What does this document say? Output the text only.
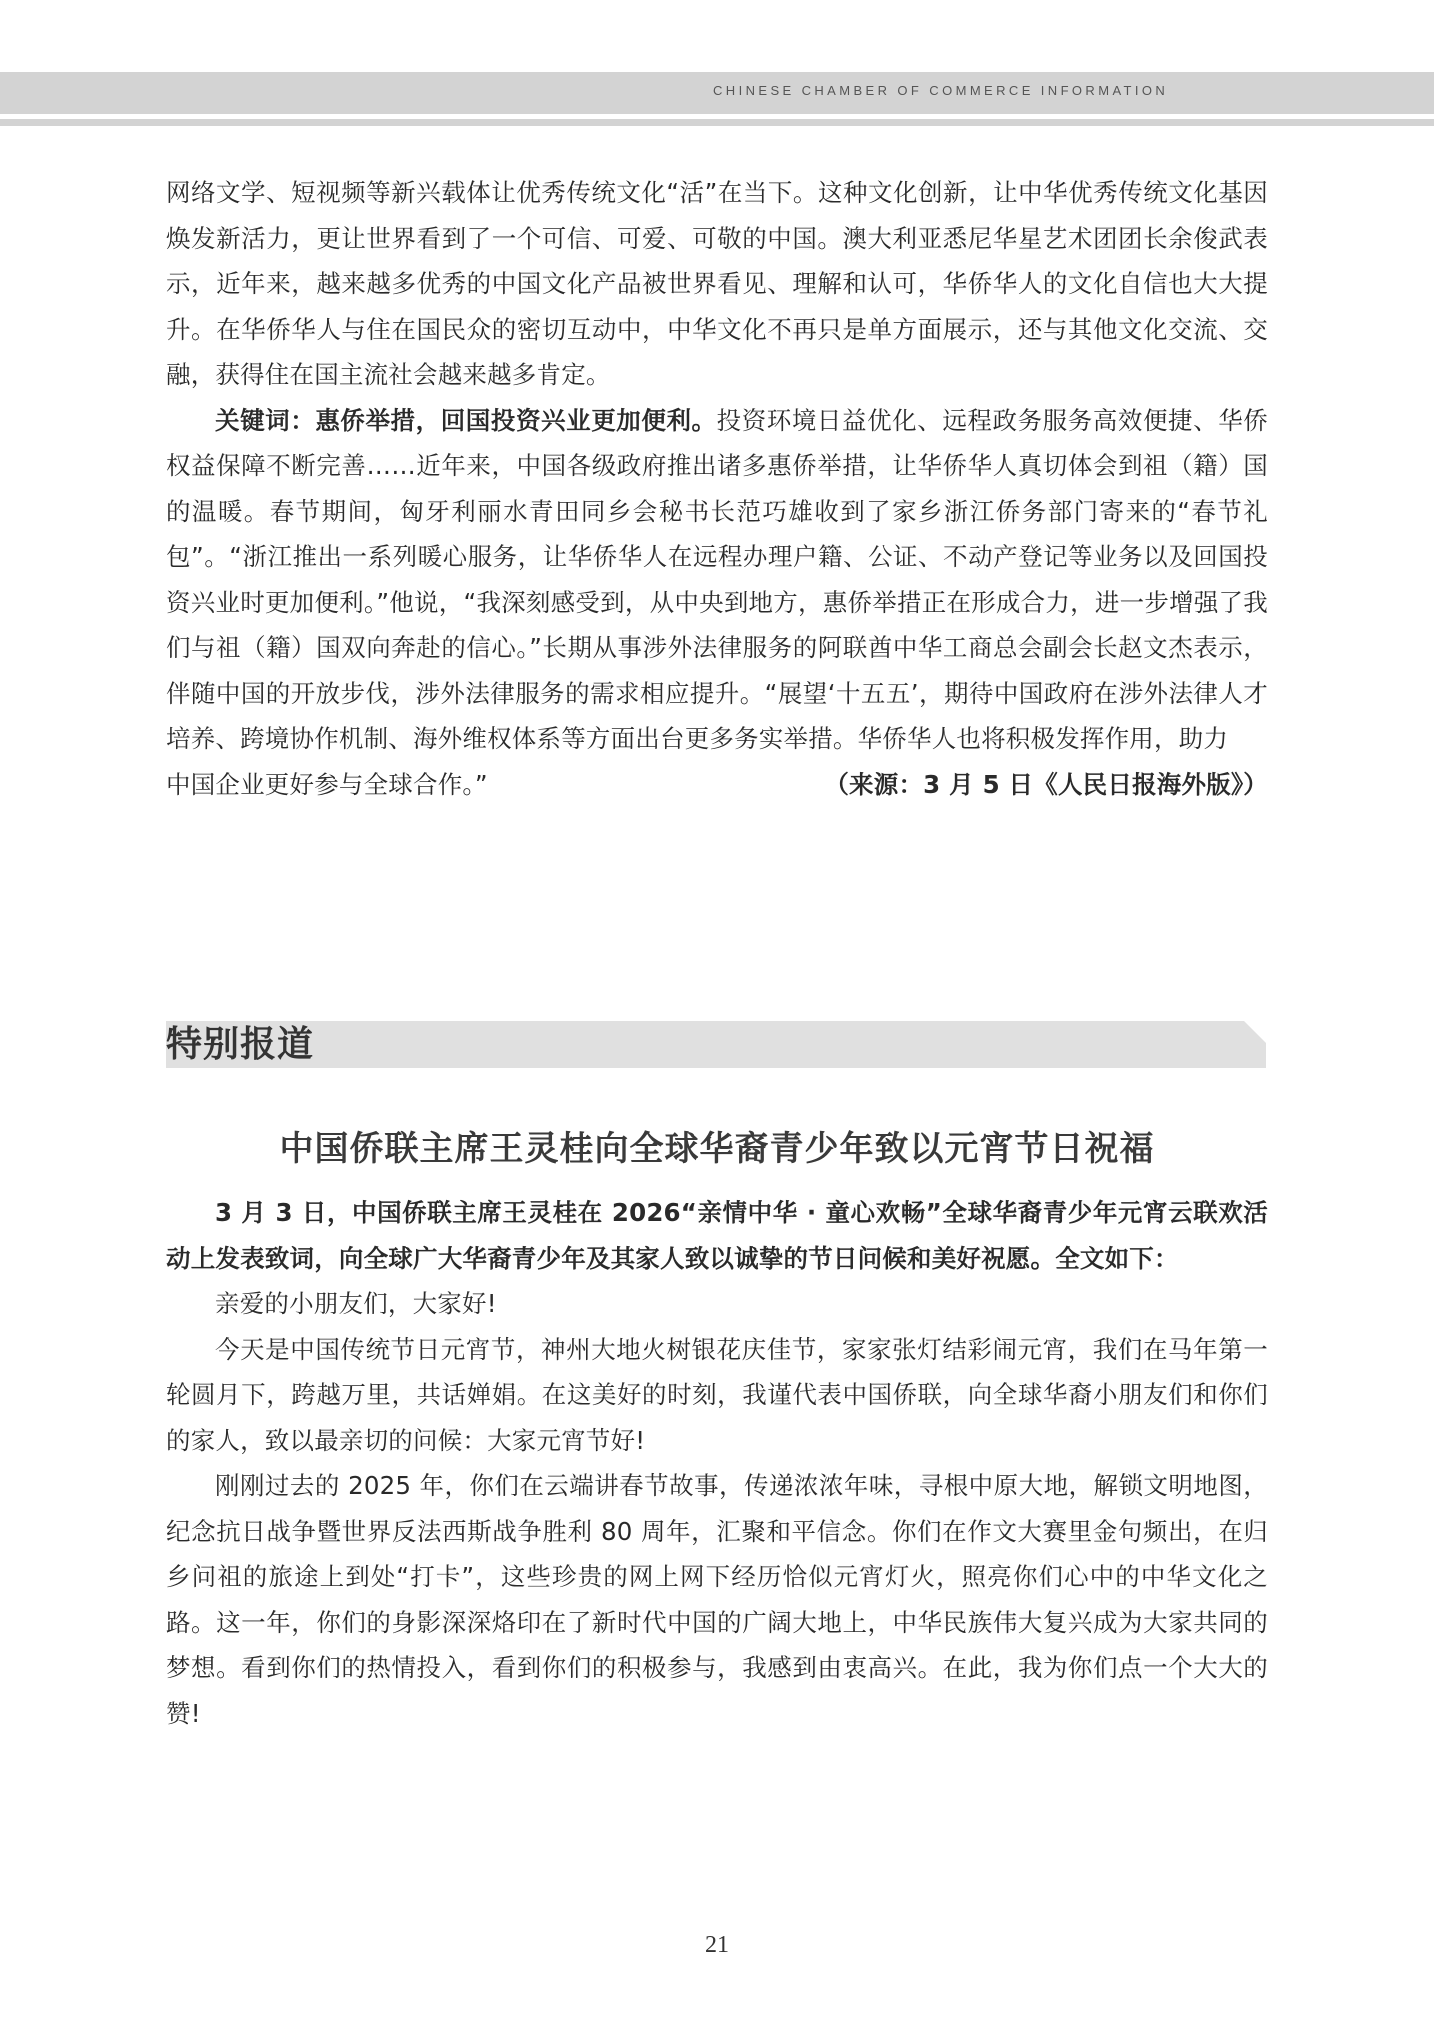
CHINESE CHAMBER OF COMMERCE INFORMATION

网络文学、短视频等新兴载体让优秀传统文化“活”在当下。这种文化创新，让中华优秀传统文化基因焕发新活力，更让世界看到了一个可信、可爱、可敬的中国。澳大利亚悉尼华星艺术团团长余俊武表示，近年来，越来越多优秀的中国文化产品被世界看见、理解和认可，华侨华人的文化自信也大大提升。在华侨华人与住在国民众的密切互动中，中华文化不再只是单方面展示，还与其他文化交流、交融，获得住在国主流社会越来越多肯定。

关键词：惠侨举措，回国投资兴业更加便利。投资环境日益优化、远程政务服务高效便捷、华侨权益保障不断完善……近年来，中国各级政府推出诸多惠侨举措，让华侨华人真切体会到祖（籍）国的温暖。春节期间，匈牙利丽水青田同乡会秘书长范巧雄收到了家乡浙江侨务部门寄来的“春节礼包”。“浙江推出一系列暖心服务，让华侨华人在远程办理户籍、公证、不动产登记等业务以及回国投资兴业时更加便利。”他说，“我深刻感受到，从中央到地方，惠侨举措正在形成合力，进一步增强了我们与祖（籍）国双向奔赴的信心。”长期从事涉外法律服务的阿联酋中华工商总会副会长赵文杰表示，伴随中国的开放步伐，涉外法律服务的需求相应提升。“展望‘十五五’，期待中国政府在涉外法律人才培养、跨境协作机制、海外维权体系等方面出台更多务实举措。华侨华人也将积极发挥作用，助力

中国企业更好参与全球合作。”	（来源：3 月 5 日《人民日报海外版》）

特别报道
中国侨联主席王灵桂向全球华裔青少年致以元宵节日祝福

3 月 3 日，中国侨联主席王灵桂在 2026“亲情中华 · 童心欢畅”全球华裔青少年元宵云联欢活动上发表致词，向全球广大华裔青少年及其家人致以诚挚的节日问候和美好祝愿。全文如下：

亲爱的小朋友们，大家好!

今天是中国传统节日元宵节，神州大地火树银花庆佳节，家家张灯结彩闹元宵，我们在马年第一轮圆月下，跨越万里，共话婵娟。在这美好的时刻，我谨代表中国侨联，向全球华裔小朋友们和你们的家人，致以最亲切的问候：大家元宵节好!

刚刚过去的 2025 年，你们在云端讲春节故事，传递浓浓年味，寻根中原大地，解锁文明地图，纪念抗日战争暨世界反法西斯战争胜利 80 周年，汇聚和平信念。你们在作文大赛里金句频出，在归乡问祖的旅途上到处“打卡”，这些珍贵的网上网下经历恰似元宵灯火，照亮你们心中的中华文化之路。这一年，你们的身影深深烙印在了新时代中国的广阔大地上，中华民族伟大复兴成为大家共同的梦想。看到你们的热情投入，看到你们的积极参与，我感到由衷高兴。在此，我为你们点一个大大的赞!

21
